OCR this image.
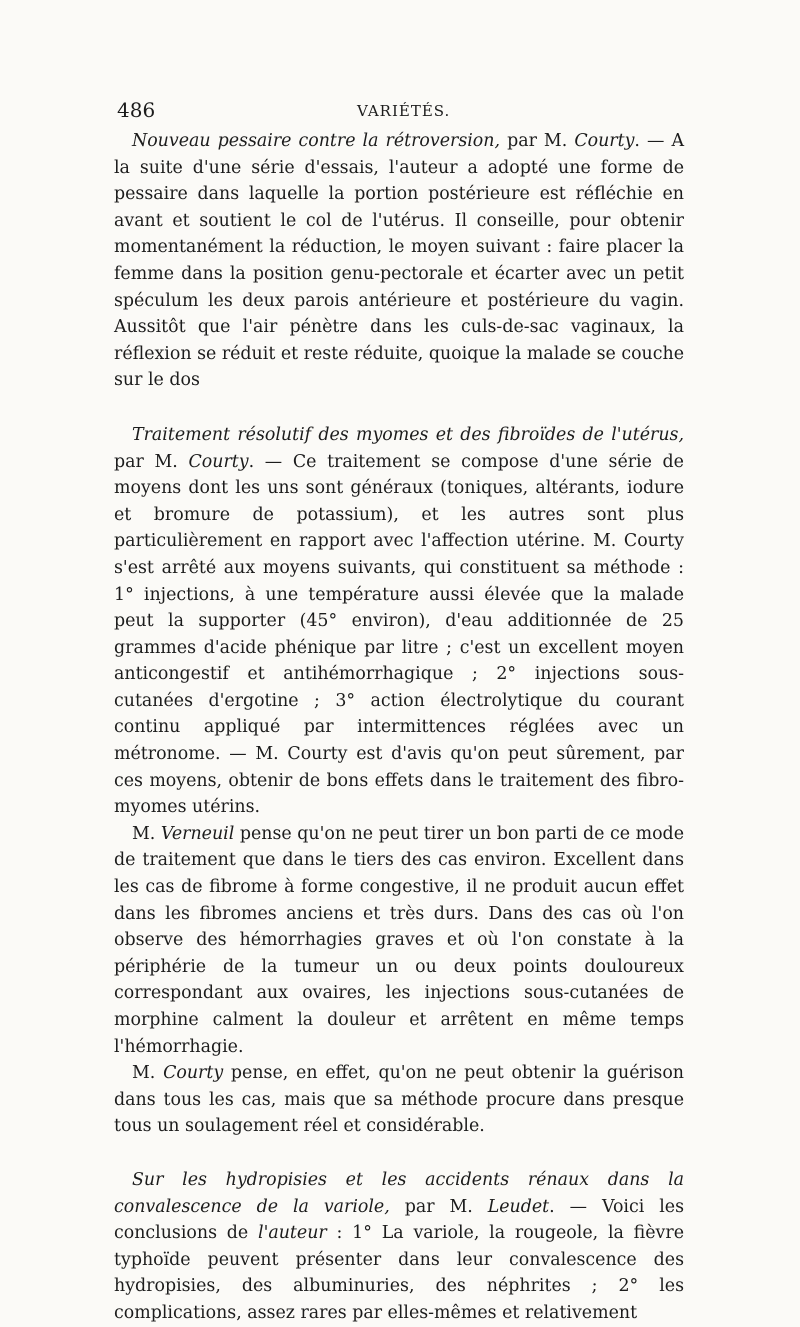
486	VARIÉTÉS.

Nouveau pessaire contre la rétroversion, par M. Courty. — A la suite d'une série d'essais, l'auteur a adopté une forme de pessaire dans laquelle la portion postérieure est réfléchie en avant et soutient le col de l'utérus. Il conseille, pour obtenir momentanément la réduction, le moyen suivant : faire placer la femme dans la position genu-pectorale et écarter avec un petit spéculum les deux parois antérieure et postérieure du vagin. Aussitôt que l'air pénètre dans les culs-de-sac vaginaux, la réflexion se réduit et reste réduite, quoique la malade se couche sur le dos

Traitement résolutif des myomes et des fibroïdes de l'utérus, par M. Courty. — Ce traitement se compose d'une série de moyens dont les uns sont généraux (toniques, altérants, iodure et bromure de potassium), et les autres sont plus particulièrement en rapport avec l'affection utérine. M. Courty s'est arrêté aux moyens suivants, qui constituent sa méthode : 1° injections, à une température aussi élevée que la malade peut la supporter (45° environ), d'eau additionnée de 25 grammes d'acide phénique par litre ; c'est un excellent moyen anticongestif et antihémorrhagique ; 2° injections sous-cutanées d'ergotine ; 3° action électrolytique du courant continu appliqué par intermittences réglées avec un métronome. — M. Courty est d'avis qu'on peut sûrement, par ces moyens, obtenir de bons effets dans le traitement des fibro-myomes utérins.

M. Verneuil pense qu'on ne peut tirer un bon parti de ce mode de traitement que dans le tiers des cas environ. Excellent dans les cas de fibrome à forme congestive, il ne produit aucun effet dans les fibromes anciens et très durs. Dans des cas où l'on observe des hémorrhagies graves et où l'on constate à la périphérie de la tumeur un ou deux points douloureux correspondant aux ovaires, les injections sous-cutanées de morphine calment la douleur et arrêtent en même temps l'hémorrhagie.

M. Courty pense, en effet, qu'on ne peut obtenir la guérison dans tous les cas, mais que sa méthode procure dans presque tous un soulagement réel et considérable.

Sur les hydropisies et les accidents rénaux dans la convalescence de la variole, par M. Leudet. — Voici les conclusions de l'auteur : 1° La variole, la rougeole, la fièvre typhoïde peuvent présenter dans leur convalescence des hydropisies, des albuminuries, des néphrites ; 2° les complications, assez rares par elles-mêmes et relativement
